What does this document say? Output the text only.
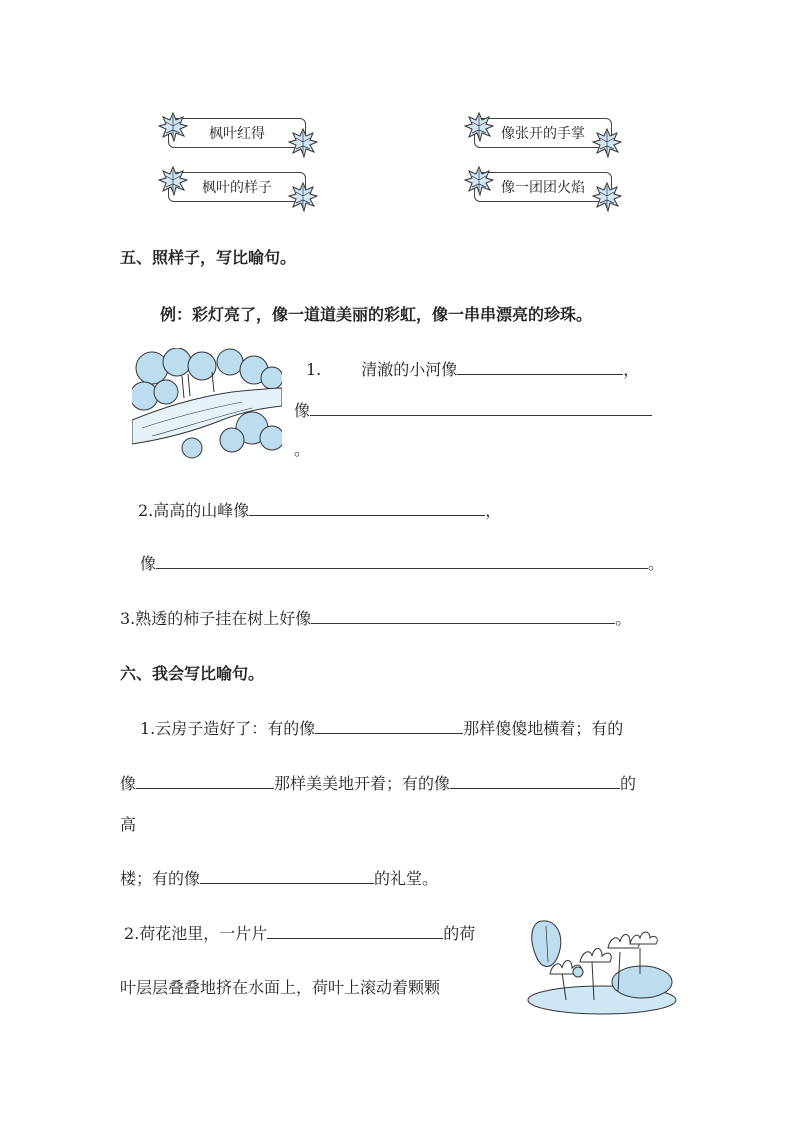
枫叶红得
枫叶的样子
像张开的手掌
像一团团火焰
五、照样子，写比喻句。
例：彩灯亮了，像一道道美丽的彩虹，像一串串漂亮的珍珠。
1.	清澈的小河像	，
像
。
2.高高的山峰像	，
像	。
3.熟透的柿子挂在树上好像	。
六、我会写比喻句。
1.云房子造好了：有的像	那样傻傻地横着；有的
像	那样美美地开着；有的像	的
高
楼；有的像	的礼堂。
2.荷花池里，一片片	的荷
叶层层叠叠地挤在水面上，荷叶上滚动着颗颗
